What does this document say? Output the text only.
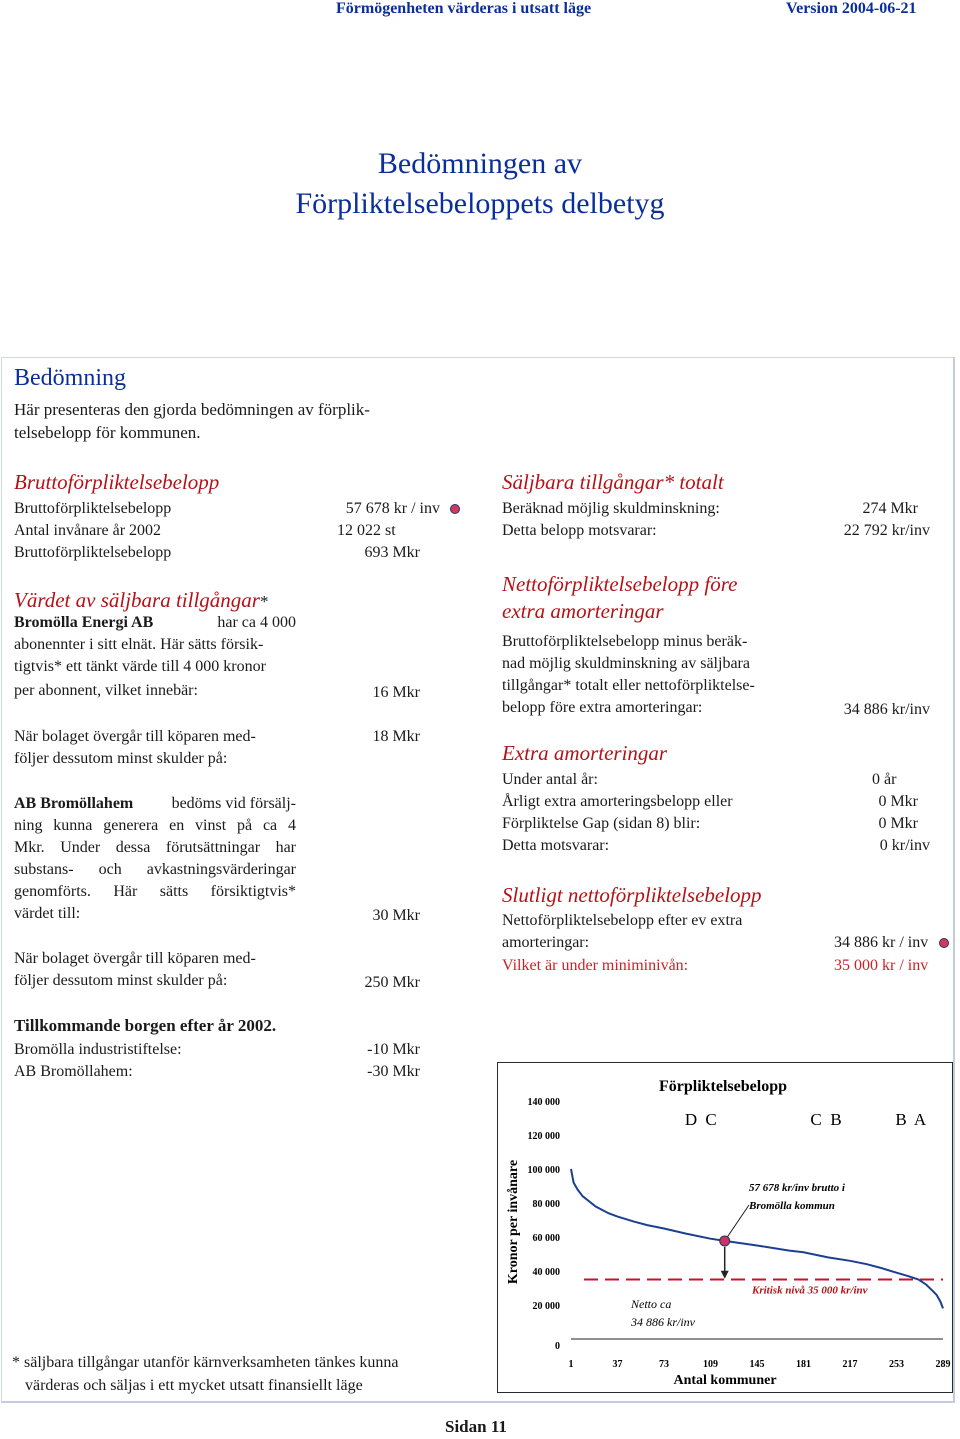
Förmögenheten värderas i utsatt läge	Version 2004-06-21
Bedömningen av
Förpliktelsebeloppets delbetyg
Bedömning
Här presenteras den gjorda bedömningen av förplik-
telsebelopp för kommunen.
Bruttoförpliktelsebelopp
Bruttoförpliktelsebelopp	57 678 kr / inv
Antal invånare år 2002	12 022 st
Bruttoförpliktelsebelopp	693 Mkr
Värdet av säljbara tillgångar*
Bromölla Energi AB	har ca 4 000
abonennter i sitt elnät. Här sätts försik-
tigtvis* ett tänkt värde till 4 000 kronor
per abonnent, vilket innebär:	16 Mkr
När bolaget övergår till köparen med-	18 Mkr
följer dessutom minst skulder på:
AB Bromöllahem bedöms vid försälj-
ning kunna generera en vinst på ca 4
Mkr. Under dessa förutsättningar har
substans- och avkastningsvärderingar
genomförts. Här sätts försiktigtvis*
värdet till:	30 Mkr
När bolaget övergår till köparen med-
följer dessutom minst skulder på:	250 Mkr
Tillkommande borgen efter år 2002.
Bromölla industristiftelse:	-10 Mkr
AB Bromöllahem:	-30 Mkr
* säljbara tillgångar utanför kärnverksamheten tänkes kunna
värderas och säljas i ett mycket utsatt finansiellt läge
Säljbara tillgångar* totalt
Beräknad möjlig skuldminskning:	274 Mkr
Detta belopp motsvarar:	22 792 kr/inv
Nettoförpliktelsebelopp före
extra amorteringar
Bruttoförpliktelsebelopp minus beräk-
nad möjlig skuldminskning av säljbara
tillgångar* totalt eller nettoförpliktelse-
belopp före extra amorteringar:	34 886 kr/inv
Extra amorteringar
Under antal år:	0 år
Årligt extra amorteringsbelopp eller	0 Mkr
Förpliktelse Gap (sidan 8) blir:	0 Mkr
Detta motsvarar:	0 kr/inv
Slutligt nettoförpliktelsebelopp
Nettoförpliktelsebelopp efter ev extra
amorteringar:	34 886 kr / inv
Vilket är under miniminivån:	35 000 kr / inv
Förpliktelsebelopp
0
20 000
40 000
60 000
80 000
100 000
120 000
140 000
1	37	73	109	145	181	217	253	289
Antal kommuner
Kronor per invånare
D C	C B	B A
Kritisk nivå 35 000 kr/inv
57 678 kr/inv brutto i
Bromölla kommun
Netto ca
34 886 kr/inv
Sidan 11
